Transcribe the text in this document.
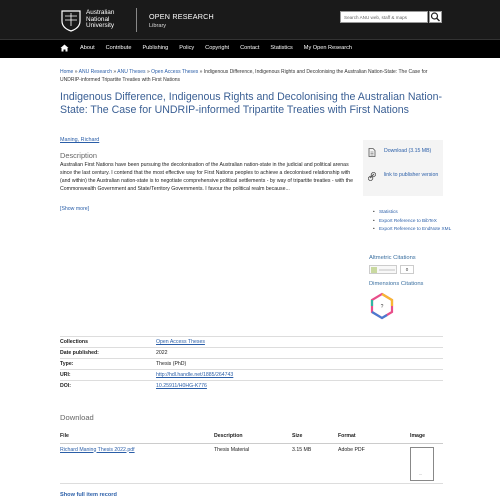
Australian
National
University
OPEN RESEARCH
Library
Search ANU web, staff & maps
About Contribute Publishing Policy Copyright Contact Statistics My Open Research
Home » ANU Research » ANU Theses » Open Access Theses » Indigenous Difference, Indigenous Rights and Decolonising the Australian Nation-State: The Case for UNDRIP-informed Tripartite Treaties with First Nations
Indigenous Difference, Indigenous Rights and Decolonising the Australian Nation-State: The Case for UNDRIP-informed Tripartite Treaties with First Nations
Maning, Richard
Description
Australian First Nations have been pursuing the decolonisation of the Australian nation-state in the judicial and political arenas since the last century. I contend that the most effective way for First Nations peoples to achieve a decolonised relationship with (and within) the Australian nation-state is to negotiate comprehensive political settlements - by way of tripartite treaties - with the Commonwealth Government and State/Territory Governments. I favour the political realm because...
[Show more]
Download (3.15 MB)
link to publisher version
• Statistics
• Export Reference to BibTeX
• Export Reference to EndNote XML
Altmetric Citations
0
Dimensions Citations
?
Collections	Open Access Theses
Date published:	2022
Type:	Thesis (PhD)
URI:	http://hdl.handle.net/1885/264743
DOI:	10.25911/H0HG-K776
Download
File	Description	Size	Format	Image
Richard Maning Thesis 2022.pdf	Thesis Material	3.15 MB	Adobe PDF	...
Show full item record
